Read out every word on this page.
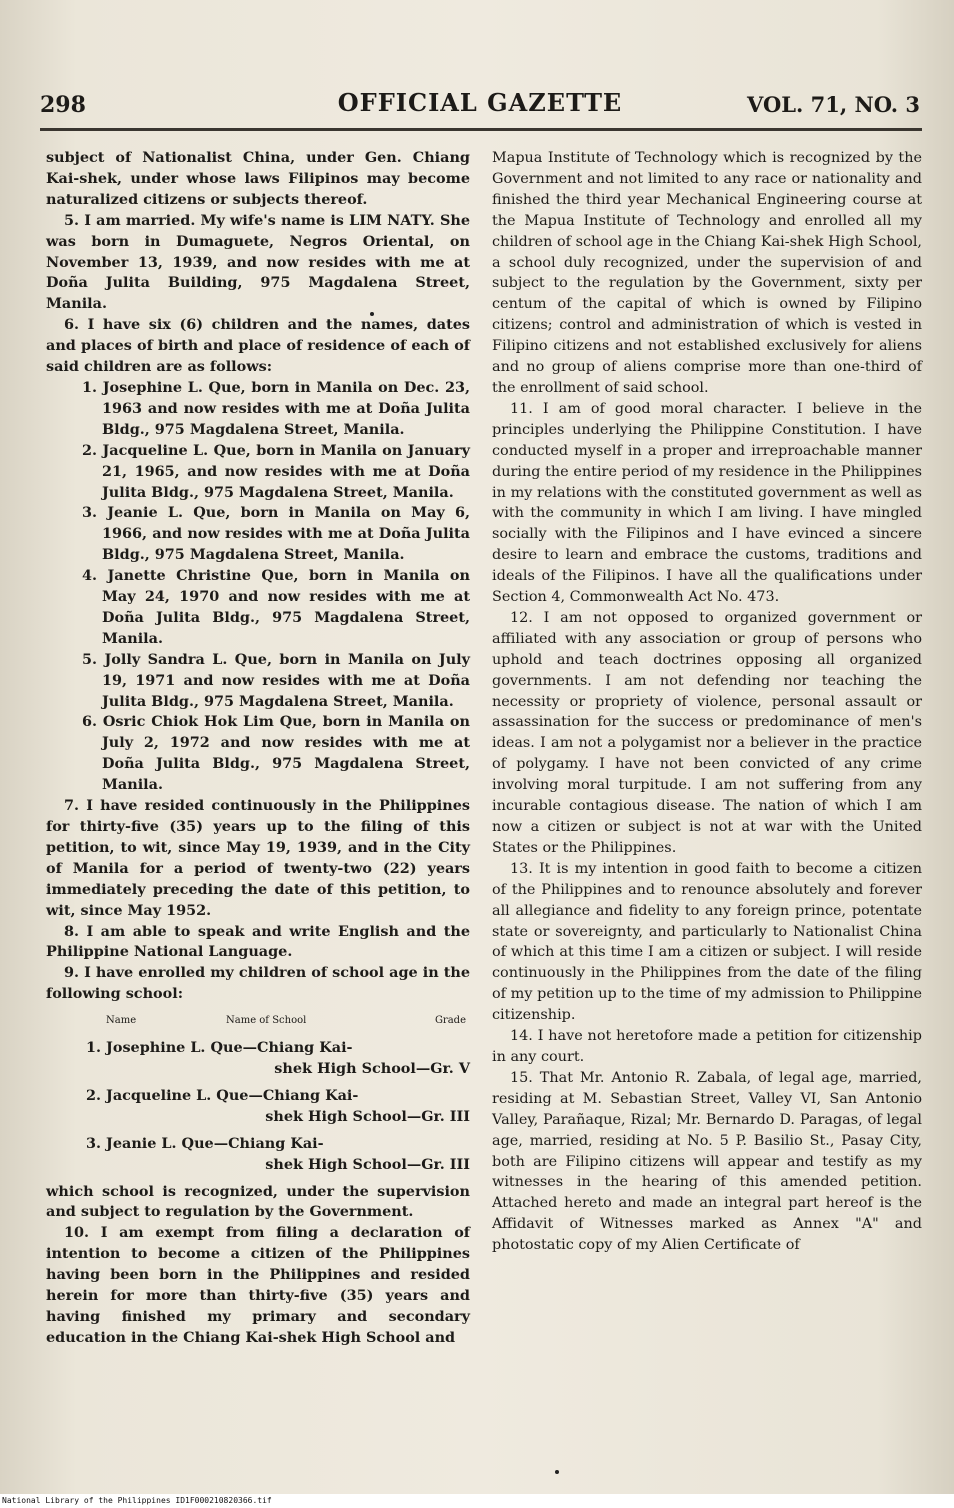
298	OFFICIAL GAZETTE	VOL. 71, NO. 3

subject of Nationalist China, under Gen. Chiang Kai-shek, under whose laws Filipinos may become naturalized citizens or subjects thereof.

5. I am married. My wife's name is LIM NATY. She was born in Dumaguete, Negros Oriental, on November 13, 1939, and now resides with me at Doña Julita Building, 975 Magdalena Street, Manila.

6. I have six (6) children and the names, dates and places of birth and place of residence of each of said children are as follows:

1. Josephine L. Que, born in Manila on Dec. 23, 1963 and now resides with me at Doña Julita Bldg., 975 Magdalena Street, Manila.
2. Jacqueline L. Que, born in Manila on January 21, 1965, and now resides with me at Doña Julita Bldg., 975 Magdalena Street, Manila.
3. Jeanie L. Que, born in Manila on May 6, 1966, and now resides with me at Doña Julita Bldg., 975 Magdalena Street, Manila.
4. Janette Christine Que, born in Manila on May 24, 1970 and now resides with me at Doña Julita Bldg., 975 Magdalena Street, Manila.
5. Jolly Sandra L. Que, born in Manila on July 19, 1971 and now resides with me at Doña Julita Bldg., 975 Magdalena Street, Manila.
6. Osric Chiok Hok Lim Que, born in Manila on July 2, 1972 and now resides with me at Doña Julita Bldg., 975 Magdalena Street, Manila.

7. I have resided continuously in the Philippines for thirty-five (35) years up to the filing of this petition, to wit, since May 19, 1939, and in the City of Manila for a period of twenty-two (22) years immediately preceding the date of this petition, to wit, since May 1952.

8. I am able to speak and write English and the Philippine National Language.

9. I have enrolled my children of school age in the following school:

Name	Name of School	Grade
1. Josephine L. Que—Chiang Kai-
shek High School—Gr. V
2. Jacqueline L. Que—Chiang Kai-
shek High School—Gr. III
3. Jeanie L. Que—Chiang Kai-
shek High School—Gr. III

which school is recognized, under the supervision and subject to regulation by the Government.

10. I am exempt from filing a declaration of intention to become a citizen of the Philippines having been born in the Philippines and resided herein for more than thirty-five (35) years and having finished my primary and secondary education in the Chiang Kai-shek High School and

Mapua Institute of Technology which is recognized by the Government and not limited to any race or nationality and finished the third year Mechanical Engineering course at the Mapua Institute of Technology and enrolled all my children of school age in the Chiang Kai-shek High School, a school duly recognized, under the supervision of and subject to the regulation by the Government, sixty per centum of the capital of which is owned by Filipino citizens; control and administration of which is vested in Filipino citizens and not established exclusively for aliens and no group of aliens comprise more than one-third of the enrollment of said school.

11. I am of good moral character. I believe in the principles underlying the Philippine Constitution. I have conducted myself in a proper and irreproachable manner during the entire period of my residence in the Philippines in my relations with the constituted government as well as with the community in which I am living. I have mingled socially with the Filipinos and I have evinced a sincere desire to learn and embrace the customs, traditions and ideals of the Filipinos. I have all the qualifications under Section 4, Commonwealth Act No. 473.

12. I am not opposed to organized government or affiliated with any association or group of persons who uphold and teach doctrines opposing all organized governments. I am not defending nor teaching the necessity or propriety of violence, personal assault or assassination for the success or predominance of men's ideas. I am not a polygamist nor a believer in the practice of polygamy. I have not been convicted of any crime involving moral turpitude. I am not suffering from any incurable contagious disease. The nation of which I am now a citizen or subject is not at war with the United States or the Philippines.

13. It is my intention in good faith to become a citizen of the Philippines and to renounce absolutely and forever all allegiance and fidelity to any foreign prince, potentate state or sovereignty, and particularly to Nationalist China of which at this time I am a citizen or subject. I will reside continuously in the Philippines from the date of the filing of my petition up to the time of my admission to Philippine citizenship.

14. I have not heretofore made a petition for citizenship in any court.

15. That Mr. Antonio R. Zabala, of legal age, married, residing at M. Sebastian Street, Valley VI, San Antonio Valley, Parañaque, Rizal; Mr. Bernardo D. Paragas, of legal age, married, residing at No. 5 P. Basilio St., Pasay City, both are Filipino citizens will appear and testify as my witnesses in the hearing of this amended petition. Attached hereto and made an integral part hereof is the Affidavit of Witnesses marked as Annex "A" and photostatic copy of my Alien Certificate of

National Library of the Philippines ID1F000210820366.tif
